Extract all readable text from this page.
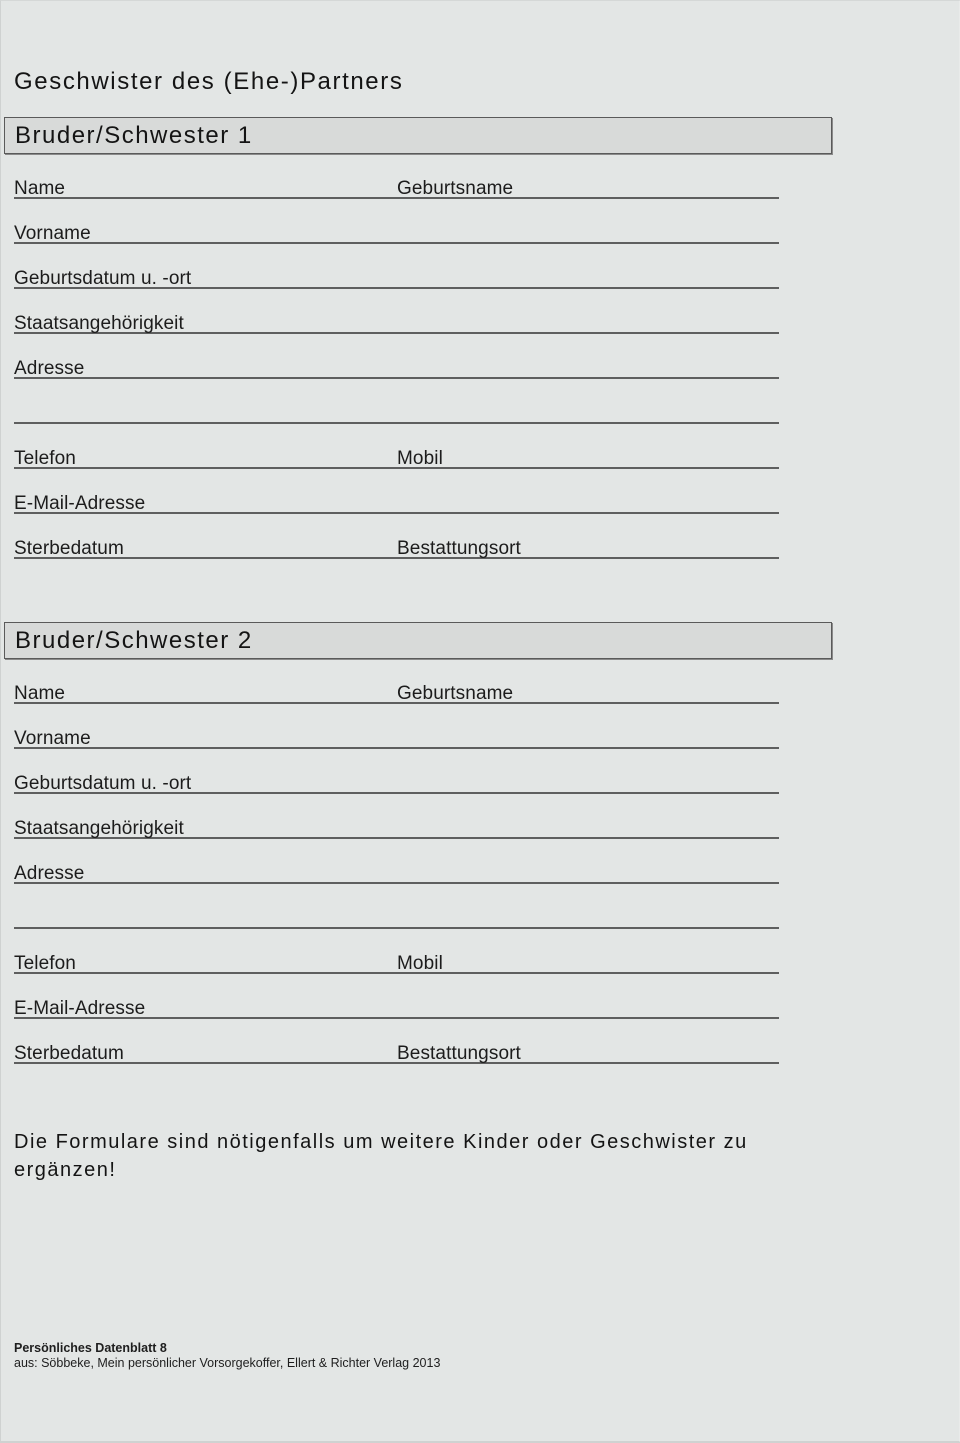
Geschwister des (Ehe-)Partners
Bruder/Schwester 1
Name	Geburtsname
Vorname
Geburtsdatum u. -ort
Staatsangehörigkeit
Adresse
Telefon	Mobil
E-Mail-Adresse
Sterbedatum	Bestattungsort
Bruder/Schwester 2
Name	Geburtsname
Vorname
Geburtsdatum u. -ort
Staatsangehörigkeit
Adresse
Telefon	Mobil
E-Mail-Adresse
Sterbedatum	Bestattungsort

Die Formulare sind nötigenfalls um weitere Kinder oder Geschwister zu ergänzen!

Persönliches Datenblatt 8
aus: Söbbeke, Mein persönlicher Vorsorgekoffer, Ellert & Richter Verlag 2013
